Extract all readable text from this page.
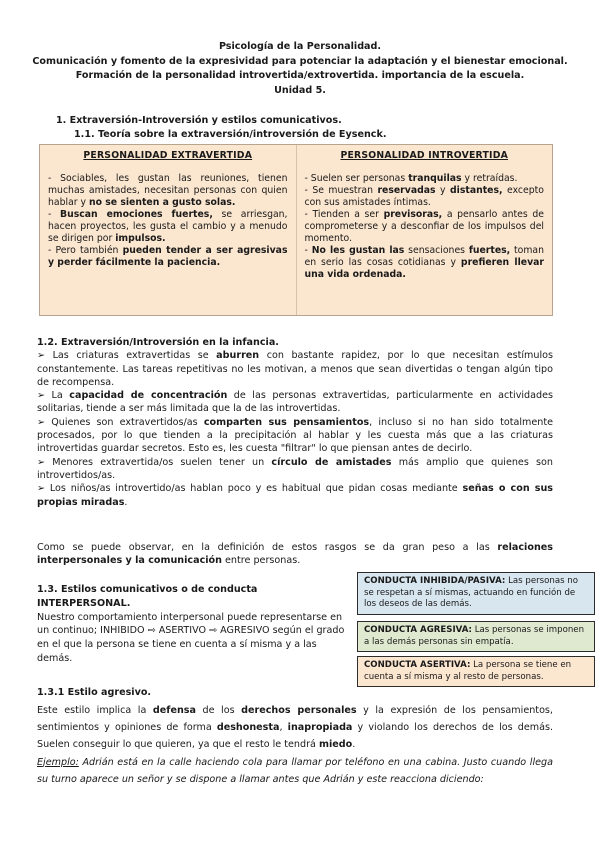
Psicología de la Personalidad.
Comunicación y fomento de la expresividad para potenciar la adaptación y el bienestar emocional.
Formación de la personalidad introvertida/extrovertida. importancia de la escuela.
Unidad 5.
1. Extraversión-Introversión y estilos comunicativos.
1.1. Teoría sobre la extraversión/introversión de Eysenck.
PERSONALIDAD EXTRAVERTIDA

- Sociables, les gustan las reuniones, tienen muchas amistades, necesitan personas con quien hablar y no se sienten a gusto solas.

- Buscan emociones fuertes, se arriesgan, hacen proyectos, les gusta el cambio y a menudo se dirigen por impulsos.

- Pero también pueden tender a ser agresivas y perder fácilmente la paciencia.

PERSONALIDAD INTROVERTIDA

- Suelen ser personas tranquilas y retraídas.

- Se muestran reservadas y distantes, excepto con sus amistades íntimas.

- Tienden a ser previsoras, a pensarlo antes de comprometerse y a desconfiar de los impulsos del momento.

- No les gustan las sensaciones fuertes, toman en serio las cosas cotidianas y prefieren llevar una vida ordenada.

1.2. Extraversión/Introversión en la infancia.

➢ Las criaturas extravertidas se aburren con bastante rapidez, por lo que necesitan estímulos constantemente. Las tareas repetitivas no les motivan, a menos que sean divertidas o tengan algún tipo de recompensa.

➢ La capacidad de concentración de las personas extravertidas, particularmente en actividades solitarias, tiende a ser más limitada que la de las introvertidas.

➢ Quienes son extravertidos/as comparten sus pensamientos, incluso si no han sido totalmente procesados, por lo que tienden a la precipitación al hablar y les cuesta más que a las criaturas introvertidas guardar secretos. Esto es, les cuesta "filtrar" lo que piensan antes de decirlo.

➢ Menores extravertida/os suelen tener un círculo de amistades más amplio que quienes son introvertidos/as.

➢ Los niños/as introvertido/as hablan poco y es habitual que pidan cosas mediante señas o con sus propias miradas.

Como se puede observar, en la definición de estos rasgos se da gran peso a las relaciones interpersonales y la comunicación entre personas.

1.3. Estilos comunicativos o de conducta INTERPERSONAL.

Nuestro comportamiento interpersonal puede representarse en un continuo; INHIBIDO ⇨ ASERTIVO ⇨ AGRESIVO según el grado en el que la persona se tiene en cuenta a sí misma y a las demás.

CONDUCTA INHIBIDA/PASIVA: Las personas no se respetan a sí mismas, actuando en función de los deseos de las demás.
CONDUCTA AGRESIVA: Las personas se imponen a las demás personas sin empatía.
CONDUCTA ASERTIVA: La persona se tiene en cuenta a sí misma y al resto de personas.
1.3.1 Estilo agresivo.

Este estilo implica la defensa de los derechos personales y la expresión de los pensamientos, sentimientos y opiniones de forma deshonesta, inapropiada y violando los derechos de los demás. Suelen conseguir lo que quieren, ya que el resto le tendrá miedo.

Ejemplo: Adrián está en la calle haciendo cola para llamar por teléfono en una cabina. Justo cuando llega su turno aparece un señor y se dispone a llamar antes que Adrián y este reacciona diciendo:
